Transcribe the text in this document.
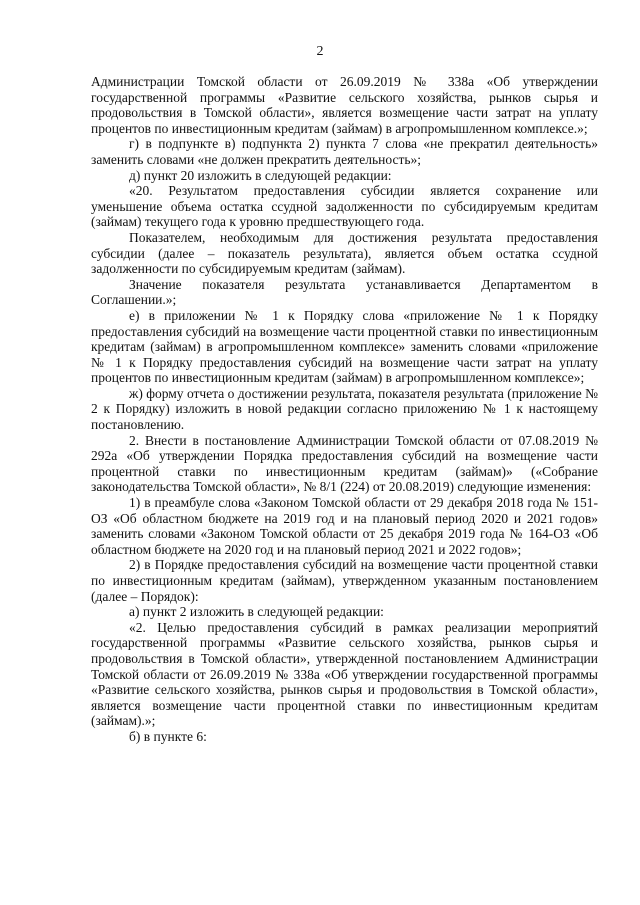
2

Администрации Томской области от 26.09.2019 № 338а «Об утверждении государственной программы «Развитие сельского хозяйства, рынков сырья и продовольствия в Томской области», является возмещение части затрат на уплату процентов по инвестиционным кредитам (займам) в агропромышленном комплексе.»;

г) в подпункте в) подпункта 2) пункта 7 слова «не прекратил деятельность» заменить словами «не должен прекратить деятельность»;

д) пункт 20 изложить в следующей редакции:

«20. Результатом предоставления субсидии является сохранение или уменьшение объема остатка ссудной задолженности по субсидируемым кредитам (займам) текущего года к уровню предшествующего года.

Показателем, необходимым для достижения результата предоставления субсидии (далее – показатель результата), является объем остатка ссудной задолженности по субсидируемым кредитам (займам).

Значение показателя результата устанавливается Департаментом в Соглашении.»;

е) в приложении № 1 к Порядку слова «приложение № 1 к Порядку предоставления субсидий на возмещение части процентной ставки по инвестиционным кредитам (займам) в агропромышленном комплексе» заменить словами «приложение № 1 к Порядку предоставления субсидий на возмещение части затрат на уплату процентов по инвестиционным кредитам (займам) в агропромышленном комплексе»;

ж) форму отчета о достижении результата, показателя результата (приложение № 2 к Порядку) изложить в новой редакции согласно приложению № 1 к настоящему постановлению.

2. Внести в постановление Администрации Томской области от 07.08.2019 № 292а «Об утверждении Порядка предоставления субсидий на возмещение части процентной ставки по инвестиционным кредитам (займам)» («Собрание законодательства Томской области», № 8/1 (224) от 20.08.2019) следующие изменения:

1) в преамбуле слова «Законом Томской области от 29 декабря 2018 года № 151-ОЗ «Об областном бюджете на 2019 год и на плановый период 2020 и 2021 годов» заменить словами «Законом Томской области от 25 декабря 2019 года № 164-ОЗ «Об областном бюджете на 2020 год и на плановый период 2021 и 2022 годов»;

2) в Порядке предоставления субсидий на возмещение части процентной ставки по инвестиционным кредитам (займам), утвержденном указанным постановлением (далее – Порядок):

а) пункт 2 изложить в следующей редакции:

«2. Целью предоставления субсидий в рамках реализации мероприятий государственной программы «Развитие сельского хозяйства, рынков сырья и продовольствия в Томской области», утвержденной постановлением Администрации Томской области от 26.09.2019 № 338а «Об утверждении государственной программы «Развитие сельского хозяйства, рынков сырья и продовольствия в Томской области», является возмещение части процентной ставки по инвестиционным кредитам (займам).»;

б) в пункте 6:
